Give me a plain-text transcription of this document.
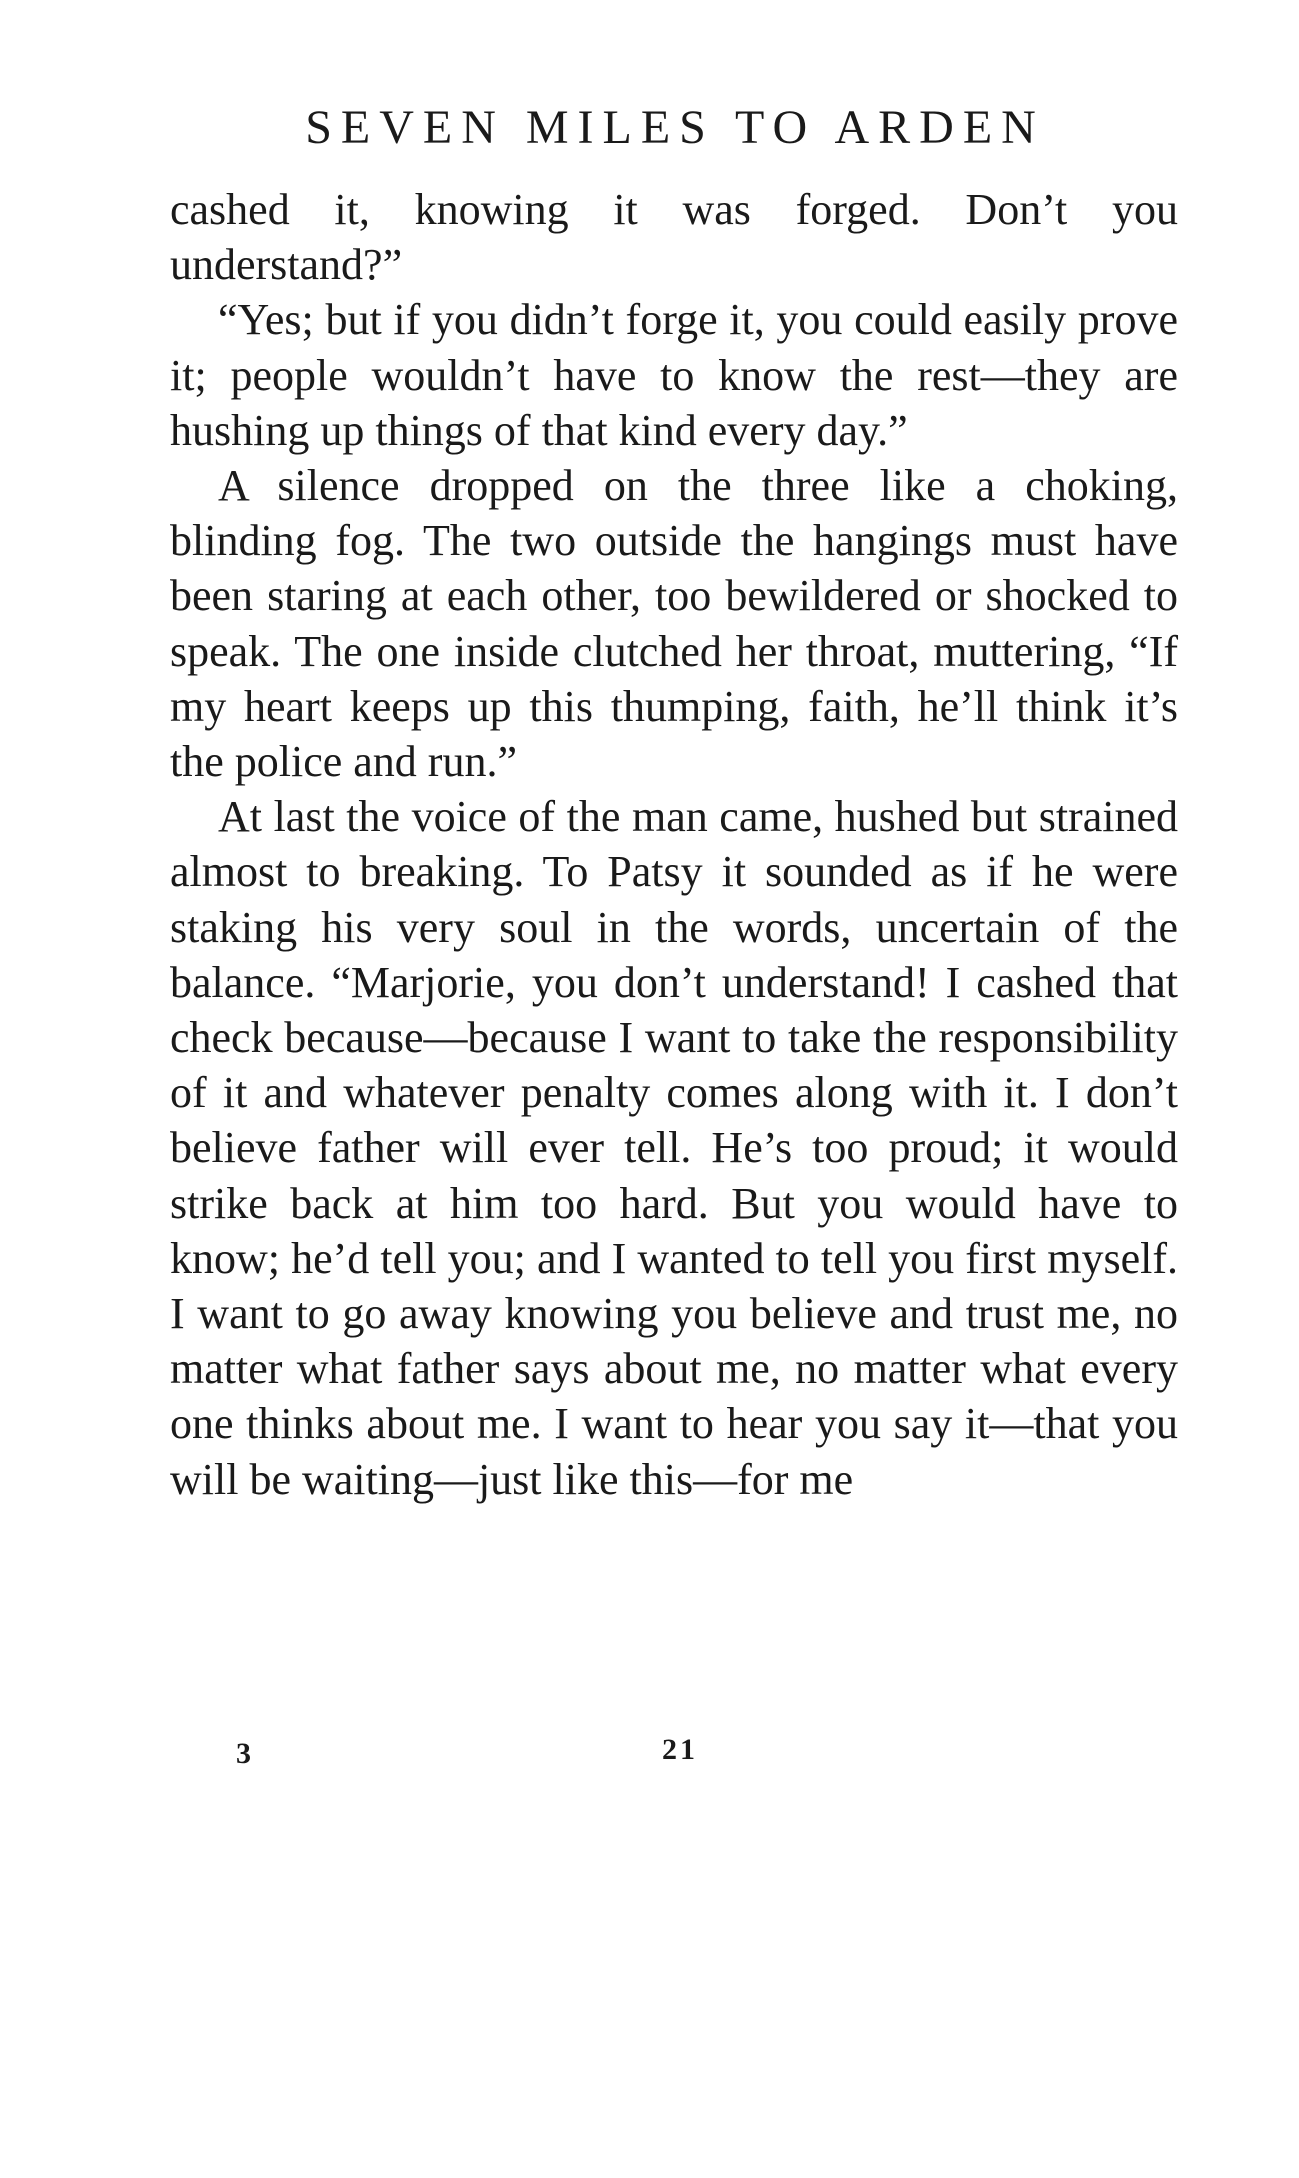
SEVEN MILES TO ARDEN

cashed it, knowing it was forged. Don’t you understand?”

“Yes; but if you didn’t forge it, you could easily prove it; people wouldn’t have to know the rest—they are hushing up things of that kind every day.”

A silence dropped on the three like a choking, blinding fog. The two outside the hangings must have been staring at each other, too bewildered or shocked to speak. The one inside clutched her throat, muttering, “If my heart keeps up this thumping, faith, he’ll think it’s the police and run.”

At last the voice of the man came, hushed but strained almost to breaking. To Patsy it sounded as if he were staking his very soul in the words, uncertain of the balance. “Marjorie, you don’t understand! I cashed that check because—because I want to take the responsibility of it and whatever penalty comes along with it. I don’t believe father will ever tell. He’s too proud; it would strike back at him too hard. But you would have to know; he’d tell you; and I wanted to tell you first myself. I want to go away knowing you believe and trust me, no matter what father says about me, no matter what every one thinks about me. I want to hear you say it—that you will be waiting—just like this—for me

3	21
